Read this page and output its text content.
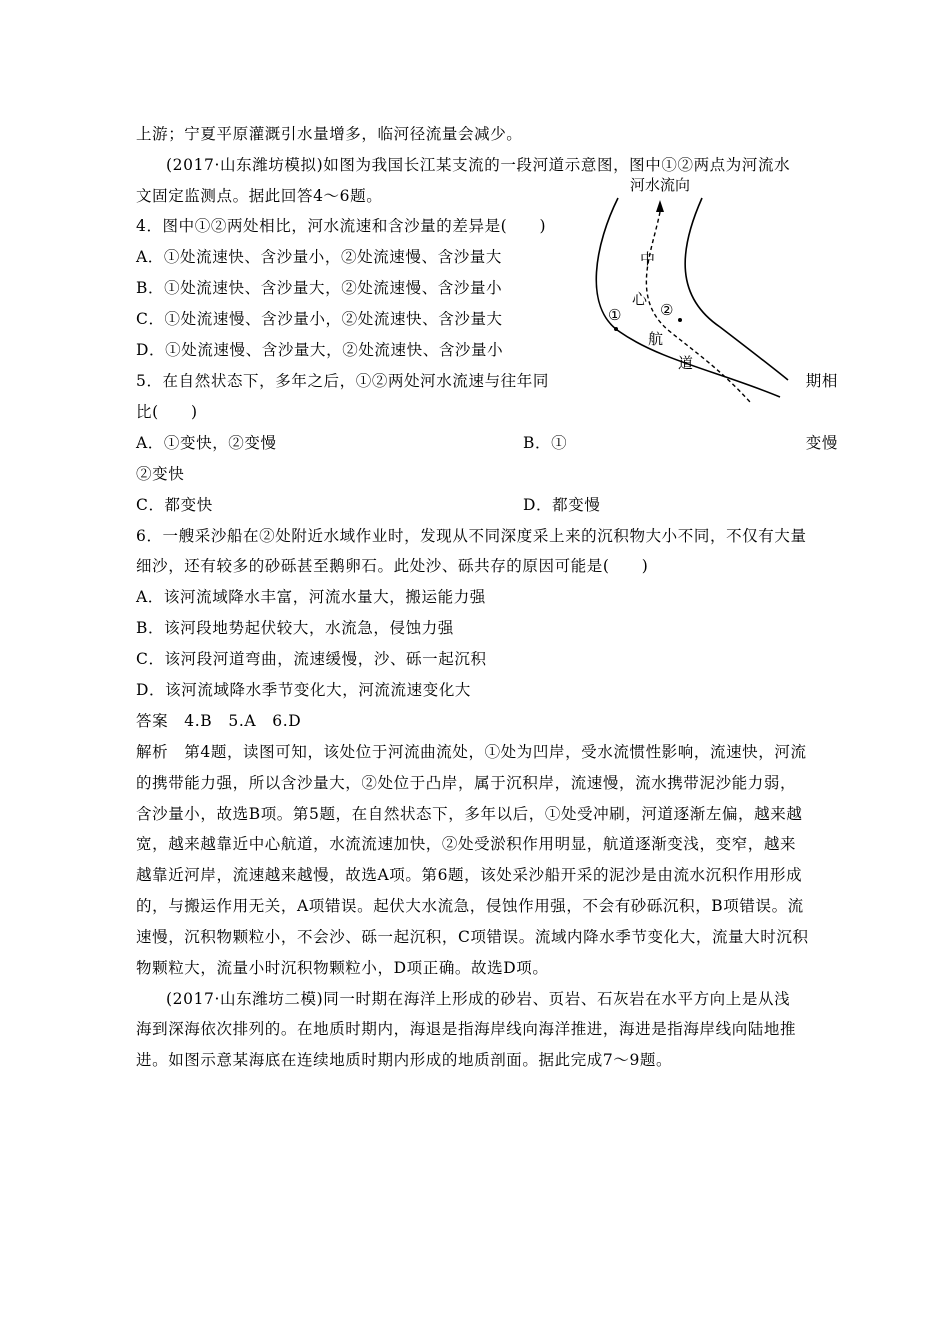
上游；宁夏平原灌溉引水量增多，临河径流量会减少。
(2017·山东潍坊模拟)如图为我国长江某支流的一段河道示意图，图中①②两点为河流水
文固定监测点。据此回答4～6题。
4．图中①②两处相比，河水流速和含沙量的差异是(　　)
A．①处流速快、含沙量小，②处流速慢、含沙量大
B．①处流速快、含沙量大，②处流速慢、含沙量小
C．①处流速慢、含沙量小，②处流速快、含沙量大
D．①处流速慢、含沙量大，②处流速快、含沙量小
5．在自然状态下，多年之后，①②两处河水流速与往年同	期相
比(　　)
A．①变快，②变慢	B．①	变慢
②变快
C．都变快	D．都变慢
6．一艘采沙船在②处附近水域作业时，发现从不同深度采上来的沉积物大小不同，不仅有大量
细沙，还有较多的砂砾甚至鹅卵石。此处沙、砾共存的原因可能是(　　)
A．该河流域降水丰富，河流水量大，搬运能力强
B．该河段地势起伏较大，水流急，侵蚀力强
C．该河段河道弯曲，流速缓慢，沙、砾一起沉积
D．该河流域降水季节变化大，河流流速变化大
答案　4.B　5.A　6.D
解析　第4题，读图可知，该处位于河流曲流处，①处为凹岸，受水流惯性影响，流速快，河流
的携带能力强，所以含沙量大，②处位于凸岸，属于沉积岸，流速慢，流水携带泥沙能力弱，
含沙量小，故选B项。第5题，在自然状态下，多年以后，①处受冲刷，河道逐渐左偏，越来越
宽，越来越靠近中心航道，水流流速加快，②处受淤积作用明显，航道逐渐变浅，变窄，越来
越靠近河岸，流速越来越慢，故选A项。第6题，该处采沙船开采的泥沙是由流水沉积作用形成
的，与搬运作用无关，A项错误。起伏大水流急，侵蚀作用强，不会有砂砾沉积，B项错误。流
速慢，沉积物颗粒小，不会沙、砾一起沉积，C项错误。流域内降水季节变化大，流量大时沉积
物颗粒大，流量小时沉积物颗粒小，D项正确。故选D项。
(2017·山东潍坊二模)同一时期在海洋上形成的砂岩、页岩、石灰岩在水平方向上是从浅
海到深海依次排列的。在地质时期内，海退是指海岸线向海洋推进，海进是指海岸线向陆地推
进。如图示意某海底在连续地质时期内形成的地质剖面。据此完成7～9题。
河水流向
中
心
航
道
①	②
